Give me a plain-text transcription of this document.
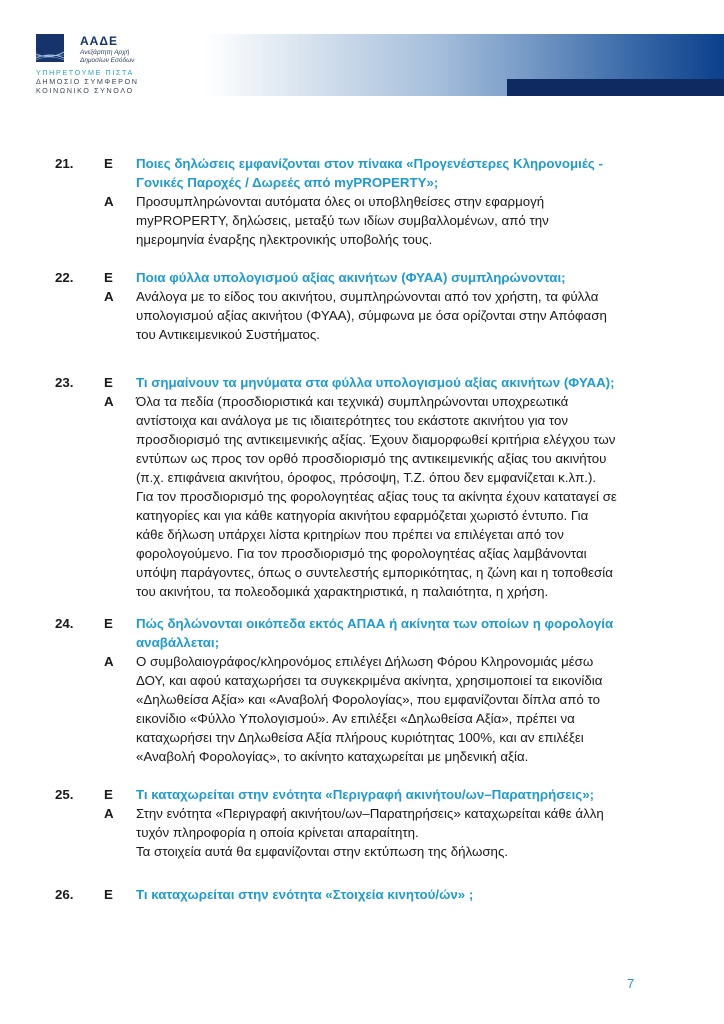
ΑΑΔΕ
Ανεξάρτητη Αρχή
Δημοσίων Εσόδων
ΥΠΗΡΕΤΟΥΜΕ ΠΙΣΤΑ
ΔΗΜΟΣΙΟ ΣΥΜΦΕΡΟΝ
ΚΟΙΝΩΝΙΚΟ ΣΥΝΟΛΟ
21. Ε Ποιες δηλώσεις εμφανίζονται στον πίνακα «Προγενέστερες Κληρονομιές -
Γονικές Παροχές / Δωρεές από myPROPERTY»;
Α Προσυμπληρώνονται αυτόματα όλες οι υποβληθείσες στην εφαρμογή
myPROPERTY, δηλώσεις, μεταξύ των ιδίων συμβαλλομένων, από την
ημερομηνία έναρξης ηλεκτρονικής υποβολής τους.
22. Ε Ποια φύλλα υπολογισμού αξίας ακινήτων (ΦΥΑΑ) συμπληρώνονται;
Α Ανάλογα με το είδος του ακινήτου, συμπληρώνονται από τον χρήστη, τα φύλλα
υπολογισμού αξίας ακινήτου (ΦΥΑΑ), σύμφωνα με όσα ορίζονται στην Απόφαση
του Αντικειμενικού Συστήματος.
23. Ε Τι σημαίνουν τα μηνύματα στα φύλλα υπολογισμού αξίας ακινήτων (ΦΥΑΑ);
Α Όλα τα πεδία (προσδιοριστικά και τεχνικά) συμπληρώνονται υποχρεωτικά
αντίστοιχα και ανάλογα με τις ιδιαιτερότητες του εκάστοτε ακινήτου για τον
προσδιορισμό της αντικειμενικής αξίας. Έχουν διαμορφωθεί κριτήρια ελέγχου των
εντύπων ως προς τον ορθό προσδιορισμό της αντικειμενικής αξίας του ακινήτου
(π.χ. επιφάνεια ακινήτου, όροφος, πρόσοψη, Τ.Ζ. όπου δεν εμφανίζεται κ.λπ.).
Για τον προσδιορισμό της φορολογητέας αξίας τους τα ακίνητα έχουν καταταγεί σε
κατηγορίες και για κάθε κατηγορία ακινήτου εφαρμόζεται χωριστό έντυπο. Για
κάθε δήλωση υπάρχει λίστα κριτηρίων που πρέπει να επιλέγεται από τον
φορολογούμενο. Για τον προσδιορισμό της φορολογητέας αξίας λαμβάνονται
υπόψη παράγοντες, όπως ο συντελεστής εμπορικότητας, η ζώνη και η τοποθεσία
του ακινήτου, τα πολεοδομικά χαρακτηριστικά, η παλαιότητα, η χρήση.
24. Ε Πώς δηλώνονται οικόπεδα εκτός ΑΠΑΑ ή ακίνητα των οποίων η φορολογία
αναβάλλεται;
Α Ο συμβολαιογράφος/κληρονόμος επιλέγει Δήλωση Φόρου Κληρονομιάς μέσω
ΔΟΥ, και αφού καταχωρήσει τα συγκεκριμένα ακίνητα, χρησιμοποιεί τα εικονίδια
«Δηλωθείσα Αξία» και «Αναβολή Φορολογίας», που εμφανίζονται δίπλα από το
εικονίδιο «Φύλλο Υπολογισμού». Αν επιλέξει «Δηλωθείσα Αξία», πρέπει να
καταχωρήσει την Δηλωθείσα Αξία πλήρους κυριότητας 100%, και αν επιλέξει
«Αναβολή Φορολογίας», το ακίνητο καταχωρείται με μηδενική αξία.
25. Ε Τι καταχωρείται στην ενότητα «Περιγραφή ακινήτου/ων–Παρατηρήσεις»;
Α Στην ενότητα «Περιγραφή ακινήτου/ων–Παρατηρήσεις» καταχωρείται κάθε άλλη
τυχόν πληροφορία η οποία κρίνεται απαραίτητη.
Τα στοιχεία αυτά θα εμφανίζονται στην εκτύπωση της δήλωσης.
26. Ε Τι καταχωρείται στην ενότητα «Στοιχεία κινητού/ών» ;
7
